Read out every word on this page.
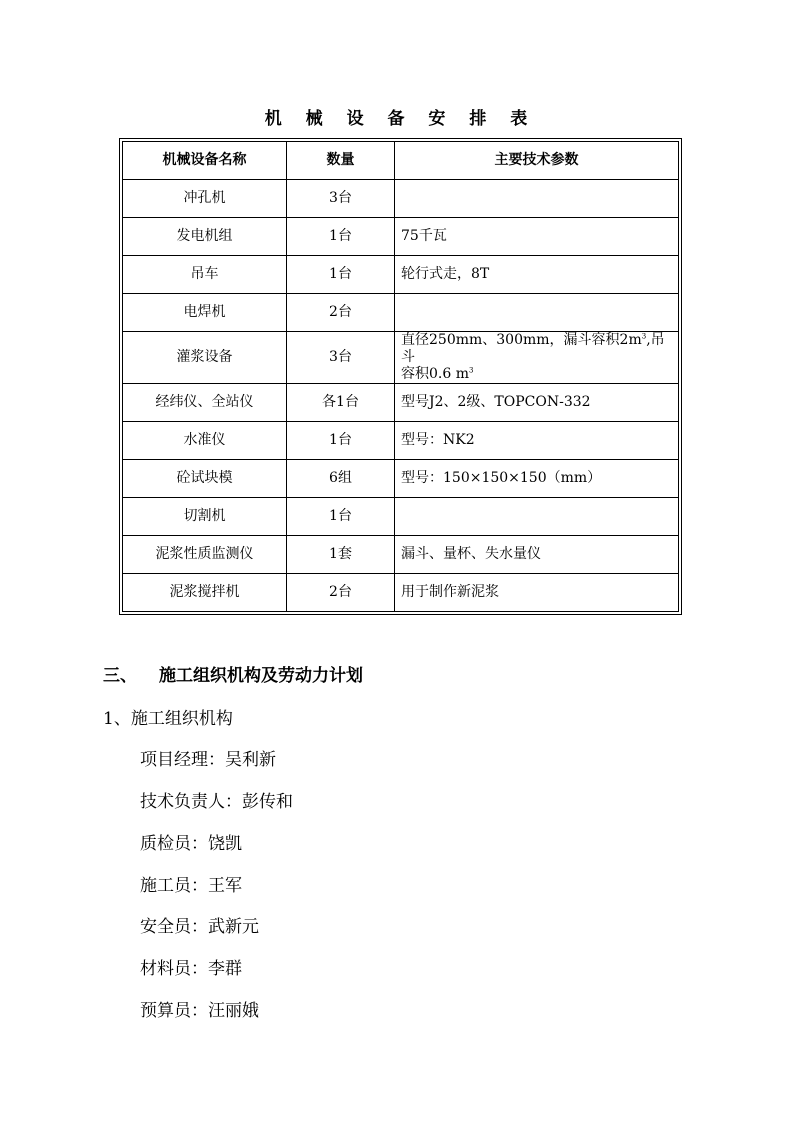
机 械 设 备 安 排 表
机械设备名称	数量	主要技术参数
冲孔机	3台	
发电机组	1台	75千瓦
吊车	1台	轮行式走，8T
电焊机	2台	
灌浆设备	3台	直径250mm、300mm，漏斗容积$2m^3$,吊斗
容积0.6 $m^3$
经纬仪、全站仪	各1台	型号J2、2级、TOPCON-332
水准仪	1台	型号：NK2
砼试块模	6组	型号：150×150×150（mm）
切割机	1台	
泥浆性质监测仪	1套	漏斗、量杯、失水量仪
泥浆搅拌机	2台	用于制作新泥浆
三、 施工组织机构及劳动力计划
1、施工组织机构
项目经理：吴利新
技术负责人：彭传和
质检员：饶凯
施工员：王军
安全员：武新元
材料员：李群
预算员：汪丽娥
